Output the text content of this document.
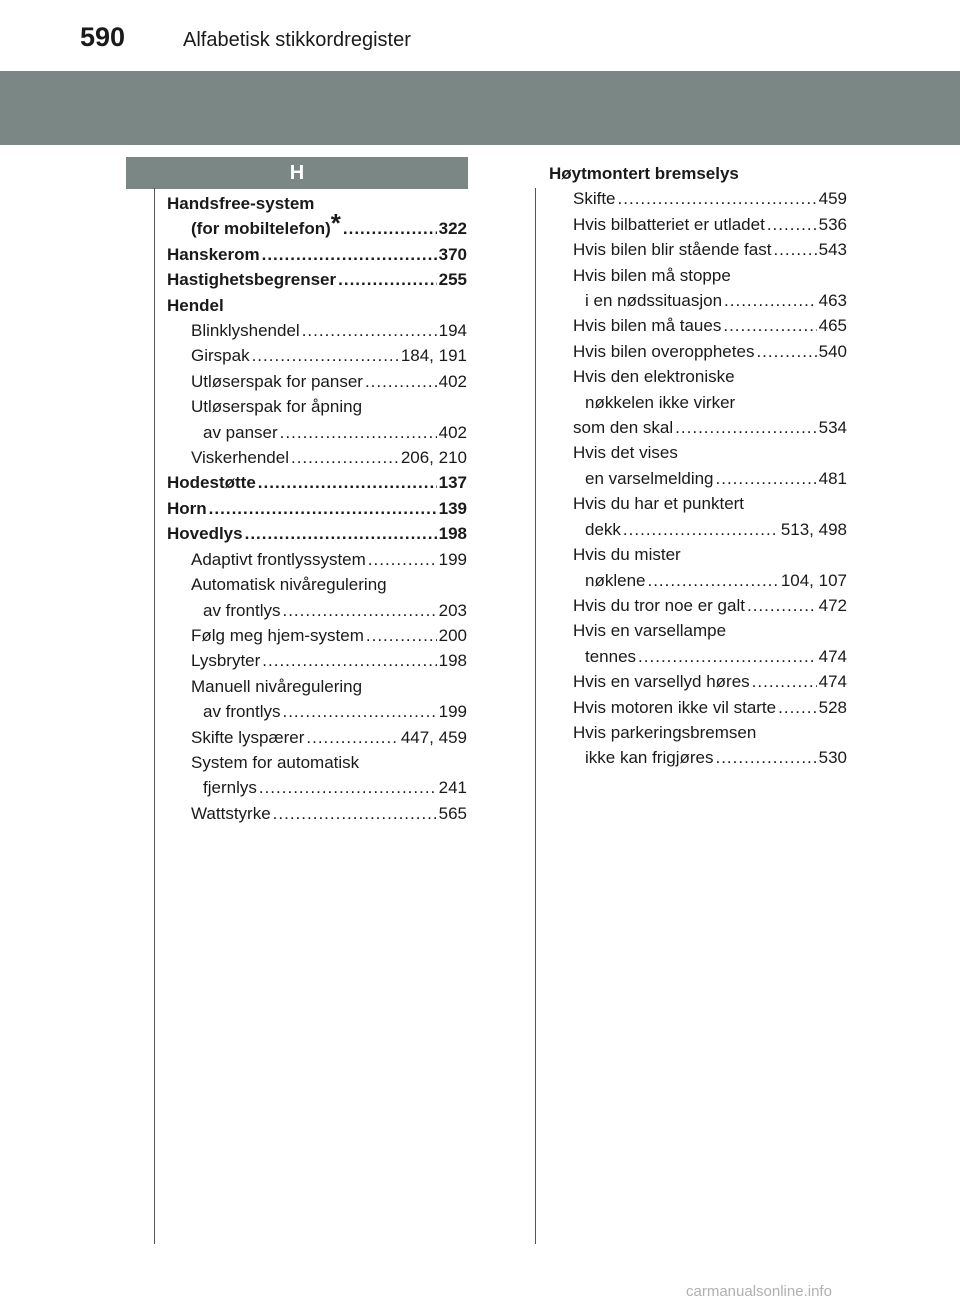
590	Alfabetisk stikkordregister
H
Handsfree-system
(for mobiltelefon)* .....	322
Hanskerom .....	370
Hastighetsbegrenser .....	255
Hendel
Blinklyshendel .....	194
Girspak .....	184, 191
Utløserspak for panser .....	402
Utløserspak for åpning
av panser .....	402
Viskerhendel .....	206, 210
Hodestøtte .....	137
Horn .....	139
Hovedlys .....	198
Adaptivt frontlyssystem .....	199
Automatisk nivåregulering
av frontlys .....	203
Følg meg hjem-system .....	200
Lysbryter .....	198
Manuell nivåregulering
av frontlys .....	199
Skifte lyspærer .....	447, 459
System for automatisk
fjernlys .....	241
Wattstyrke .....	565
Høytmontert bremselys
Skifte .....	459
Hvis bilbatteriet er utladet .....	536
Hvis bilen blir stående fast .....	543
Hvis bilen må stoppe
i en nødssituasjon .....	463
Hvis bilen må taues .....	465
Hvis bilen overopphetes .....	540
Hvis den elektroniske
nøkkelen ikke virker
som den skal .....	534
Hvis det vises
en varselmelding .....	481
Hvis du har et punktert
dekk .....	513, 498
Hvis du mister
nøklene .....	104, 107
Hvis du tror noe er galt .....	472
Hvis en varsellampe
tennes .....	474
Hvis en varsellyd høres .....	474
Hvis motoren ikke vil starte .....	528
Hvis parkeringsbremsen
ikke kan frigjøres .....	530
carmanualsonline.info
